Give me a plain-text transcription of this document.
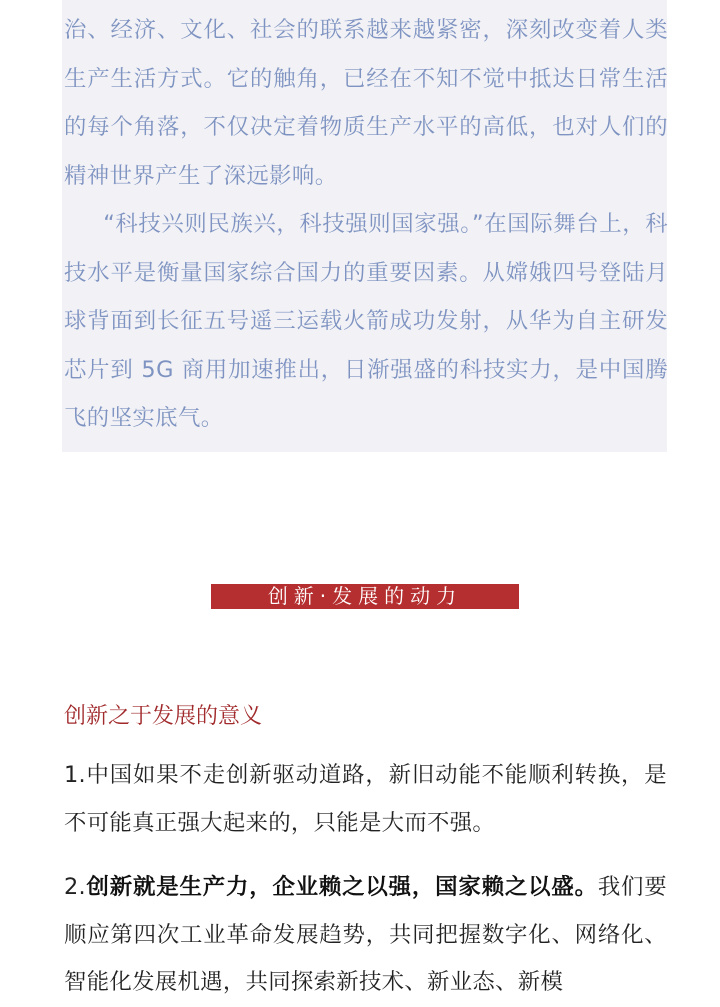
治、经济、文化、社会的联系越来越紧密，深刻改变着人类生产生活方式。它的触角，已经在不知不觉中抵达日常生活的每个角落，不仅决定着物质生产水平的高低，也对人们的精神世界产生了深远影响。

“科技兴则民族兴，科技强则国家强。”在国际舞台上，科技水平是衡量国家综合国力的重要因素。从嫦娥四号登陆月球背面到长征五号遥三运载火箭成功发射，从华为自主研发芯片到 5G 商用加速推出，日渐强盛的科技实力，是中国腾飞的坚实底气。

创新·发展的动力
创新之于发展的意义

1.中国如果不走创新驱动道路，新旧动能不能顺利转换，是不可能真正强大起来的，只能是大而不强。

2.创新就是生产力，企业赖之以强，国家赖之以盛。我们要顺应第四次工业革命发展趋势，共同把握数字化、网络化、智能化发展机遇，共同探索新技术、新业态、新模
